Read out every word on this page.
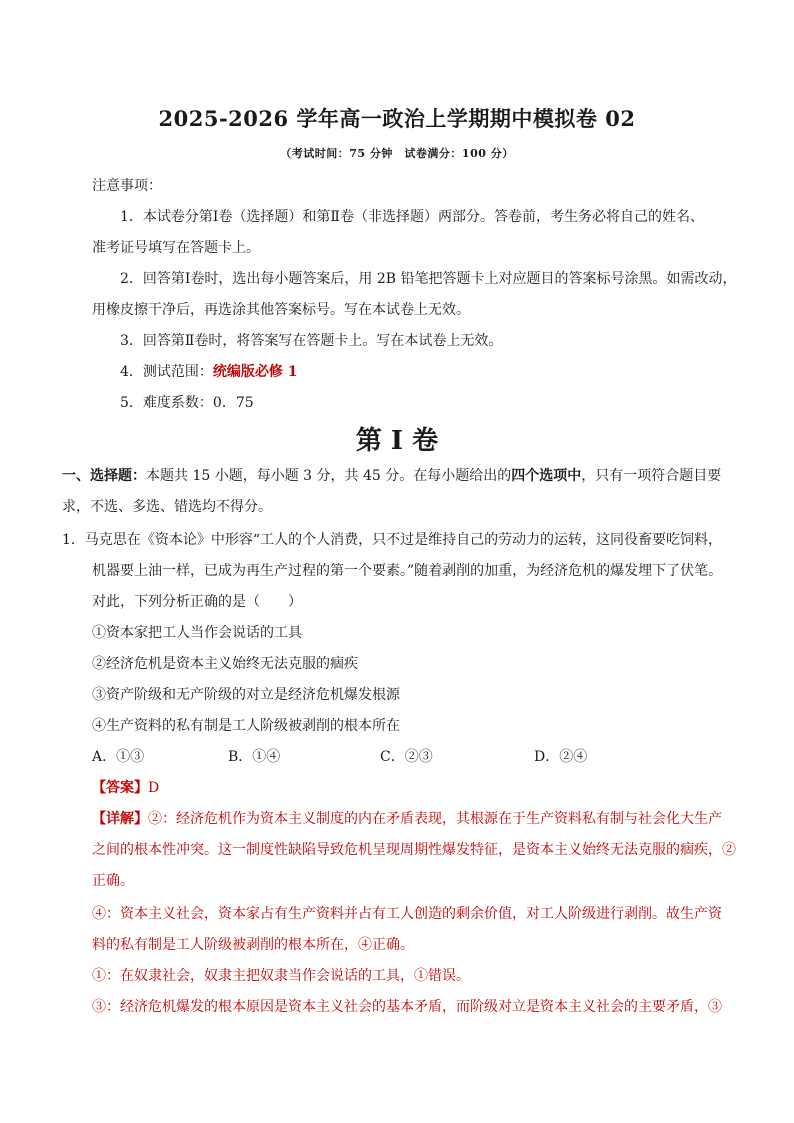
2025-2026 学年高一政治上学期期中模拟卷 02
（考试时间：75 分钟　试卷满分：100 分）
注意事项：
1．本试卷分第Ⅰ卷（选择题）和第Ⅱ卷（非选择题）两部分。答卷前，考生务必将自己的姓名、
准考证号填写在答题卡上。
2．回答第Ⅰ卷时，选出每小题答案后，用 2B 铅笔把答题卡上对应题目的答案标号涂黑。如需改动，
用橡皮擦干净后，再选涂其他答案标号。写在本试卷上无效。
3．回答第Ⅱ卷时，将答案写在答题卡上。写在本试卷上无效。
4．测试范围：统编版必修 1
5．难度系数：0．75
第 I 卷
一、选择题：本题共 15 小题，每小题 3 分，共 45 分。在每小题给出的四个选项中，只有一项符合题目要
求，不选、多选、错选均不得分。
1．马克思在《资本论》中形容“工人的个人消费，只不过是维持自己的劳动力的运转，这同役畜要吃饲料，
机器要上油一样，已成为再生产过程的第一个要素。”随着剥削的加重，为经济危机的爆发埋下了伏笔。
对此，下列分析正确的是（　　）
①资本家把工人当作会说话的工具
②经济危机是资本主义始终无法克服的痼疾
③资产阶级和无产阶级的对立是经济危机爆发根源
④生产资料的私有制是工人阶级被剥削的根本所在
A．①③	B．①④	C．②③	D．②④
【答案】D
【详解】②：经济危机作为资本主义制度的内在矛盾表现，其根源在于生产资料私有制与社会化大生产
之间的根本性冲突。这一制度性缺陷导致危机呈现周期性爆发特征，是资本主义始终无法克服的痼疾，②
正确。
④：资本主义社会，资本家占有生产资料并占有工人创造的剩余价值，对工人阶级进行剥削。故生产资
料的私有制是工人阶级被剥削的根本所在，④正确。
①：在奴隶社会，奴隶主把奴隶当作会说话的工具，①错误。
③：经济危机爆发的根本原因是资本主义社会的基本矛盾，而阶级对立是资本主义社会的主要矛盾，③
